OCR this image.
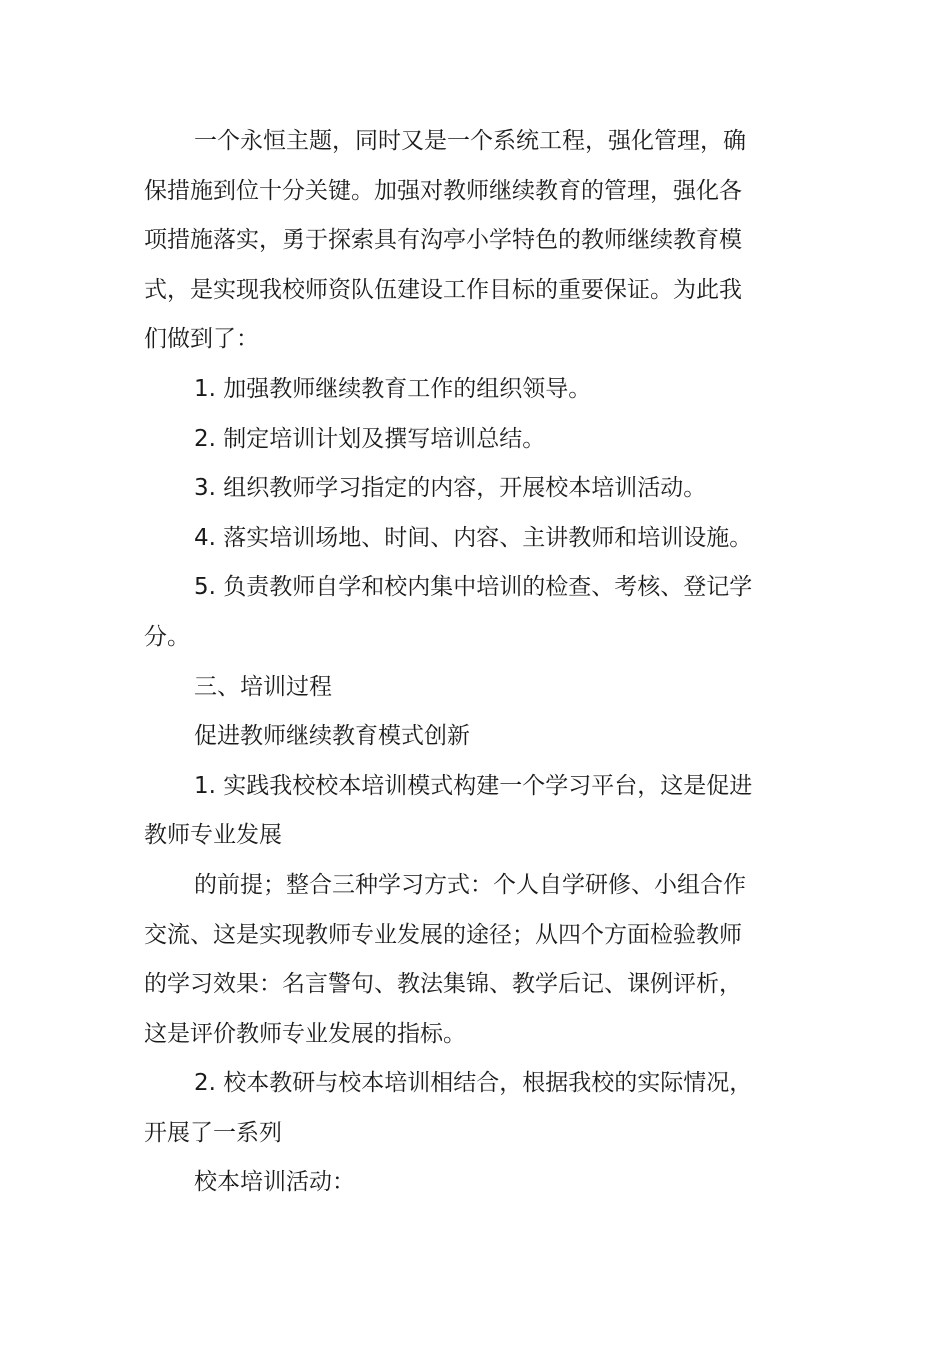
一个永恒主题，同时又是一个系统工程，强化管理，确

保措施到位十分关键。加强对教师继续教育的管理，强化各

项措施落实，勇于探索具有沟亭小学特色的教师继续教育模

式，是实现我校师资队伍建设工作目标的重要保证。为此我

们做到了：

1. 加强教师继续教育工作的组织领导。

2. 制定培训计划及撰写培训总结。

3. 组织教师学习指定的内容，开展校本培训活动。

4. 落实培训场地、时间、内容、主讲教师和培训设施。

5. 负责教师自学和校内集中培训的检查、考核、登记学

分。

三、培训过程

促进教师继续教育模式创新

1. 实践我校校本培训模式构建一个学习平台，这是促进

教师专业发展

的前提；整合三种学习方式：个人自学研修、小组合作

交流、这是实现教师专业发展的途径；从四个方面检验教师

的学习效果：名言警句、教法集锦、教学后记、课例评析，

这是评价教师专业发展的指标。

2. 校本教研与校本培训相结合，根据我校的实际情况，

开展了一系列

校本培训活动：
